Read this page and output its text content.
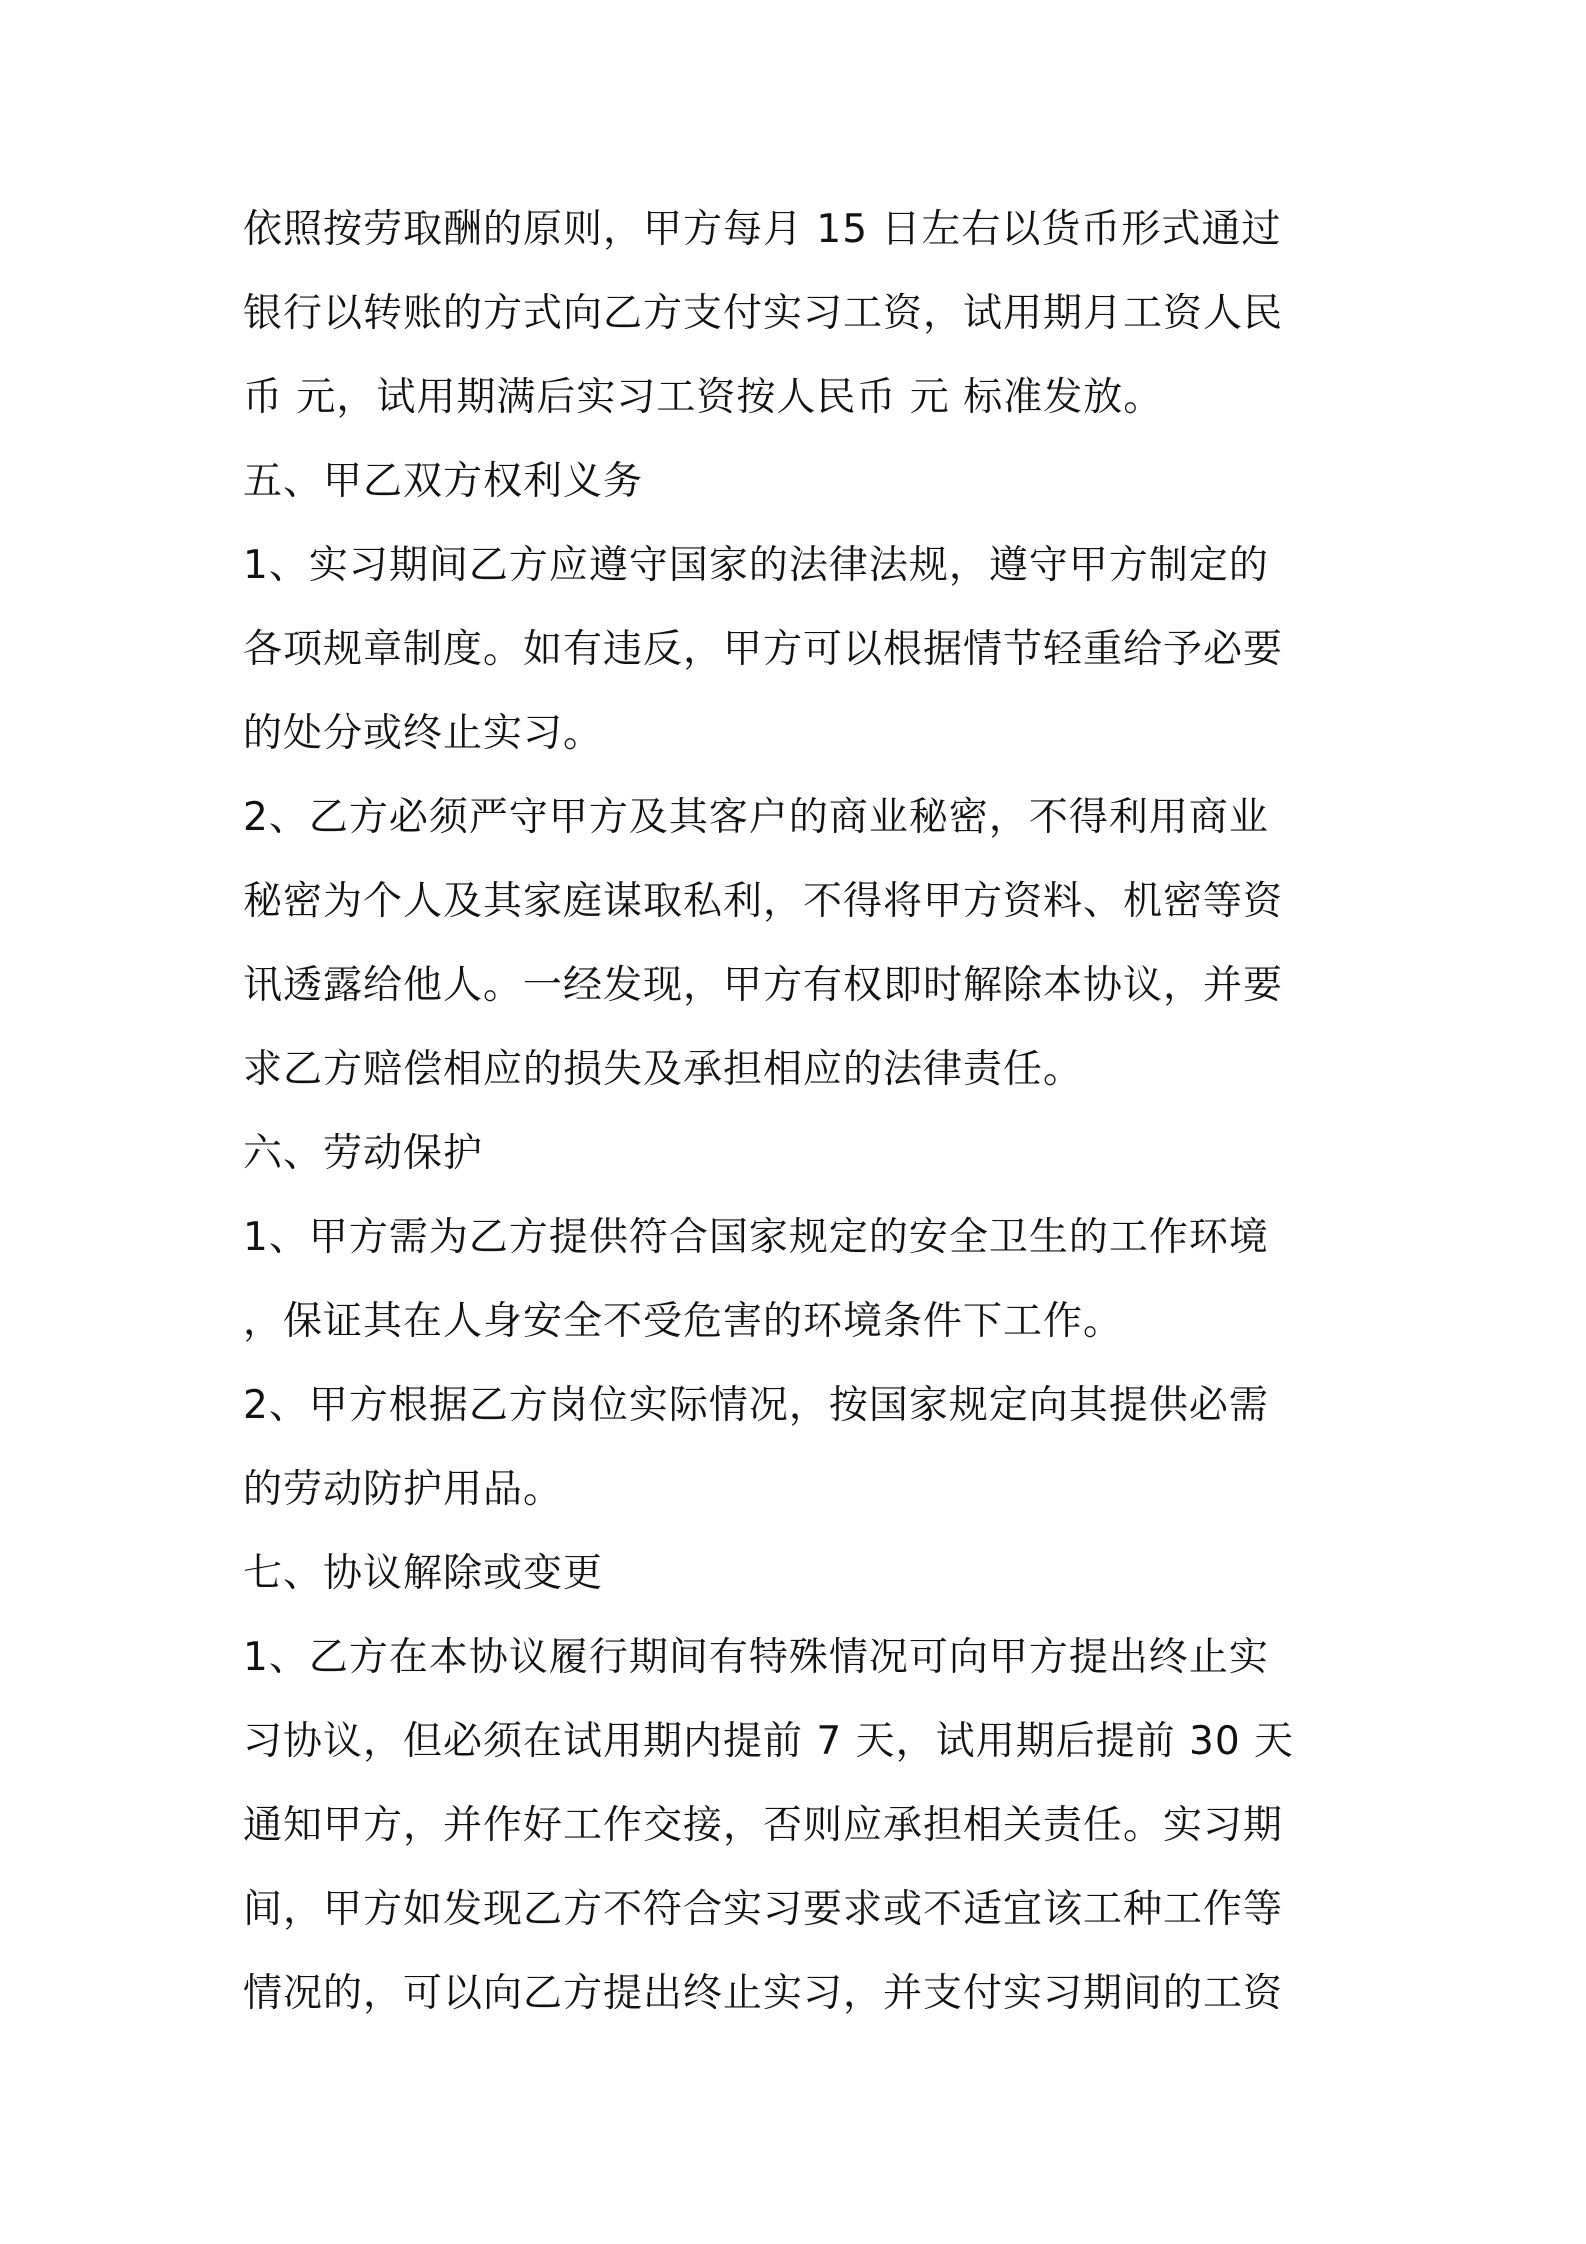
依照按劳取酬的原则，甲方每月 15 日左右以货币形式通过
银行以转账的方式向乙方支付实习工资，试用期月工资人民
币 元，试用期满后实习工资按人民币 元 标准发放。
五、甲乙双方权利义务
1、实习期间乙方应遵守国家的法律法规，遵守甲方制定的
各项规章制度。如有违反，甲方可以根据情节轻重给予必要
的处分或终止实习。
2、乙方必须严守甲方及其客户的商业秘密，不得利用商业
秘密为个人及其家庭谋取私利，不得将甲方资料、机密等资
讯透露给他人。一经发现，甲方有权即时解除本协议，并要
求乙方赔偿相应的损失及承担相应的法律责任。
六、劳动保护
1、甲方需为乙方提供符合国家规定的安全卫生的工作环境
，保证其在人身安全不受危害的环境条件下工作。
2、甲方根据乙方岗位实际情况，按国家规定向其提供必需
的劳动防护用品。
七、协议解除或变更
1、乙方在本协议履行期间有特殊情况可向甲方提出终止实
习协议，但必须在试用期内提前 7 天，试用期后提前 30 天
通知甲方，并作好工作交接，否则应承担相关责任。实习期
间，甲方如发现乙方不符合实习要求或不适宜该工种工作等
情况的，可以向乙方提出终止实习，并支付实习期间的工资
